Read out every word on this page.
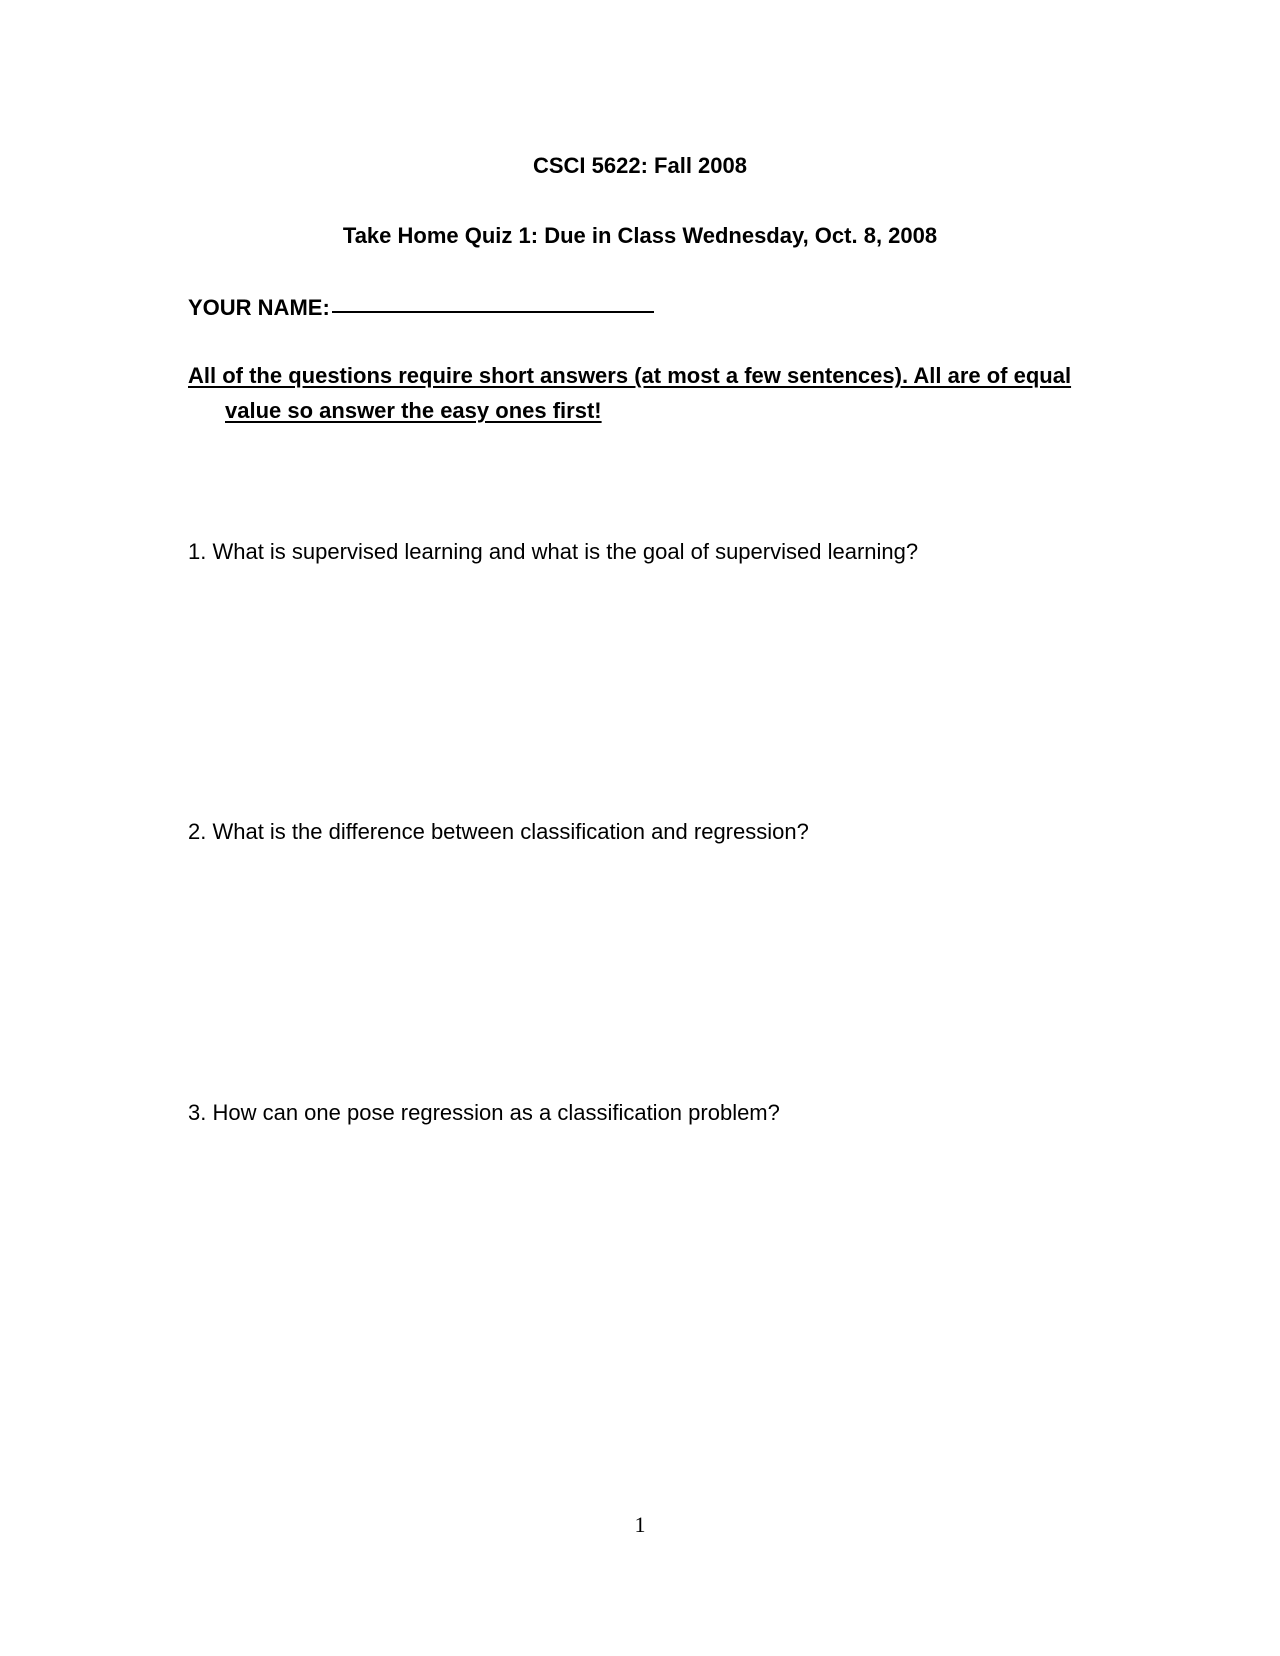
CSCI 5622: Fall 2008
Take Home Quiz 1: Due in Class Wednesday, Oct. 8, 2008
YOUR NAME:
All of the questions require short answers (at most a few sentences). All are of equal
value so answer the easy ones first!
1. What is supervised learning and what is the goal of supervised learning?
2. What is the difference between classification and regression?
3. How can one pose regression as a classification problem?
1
